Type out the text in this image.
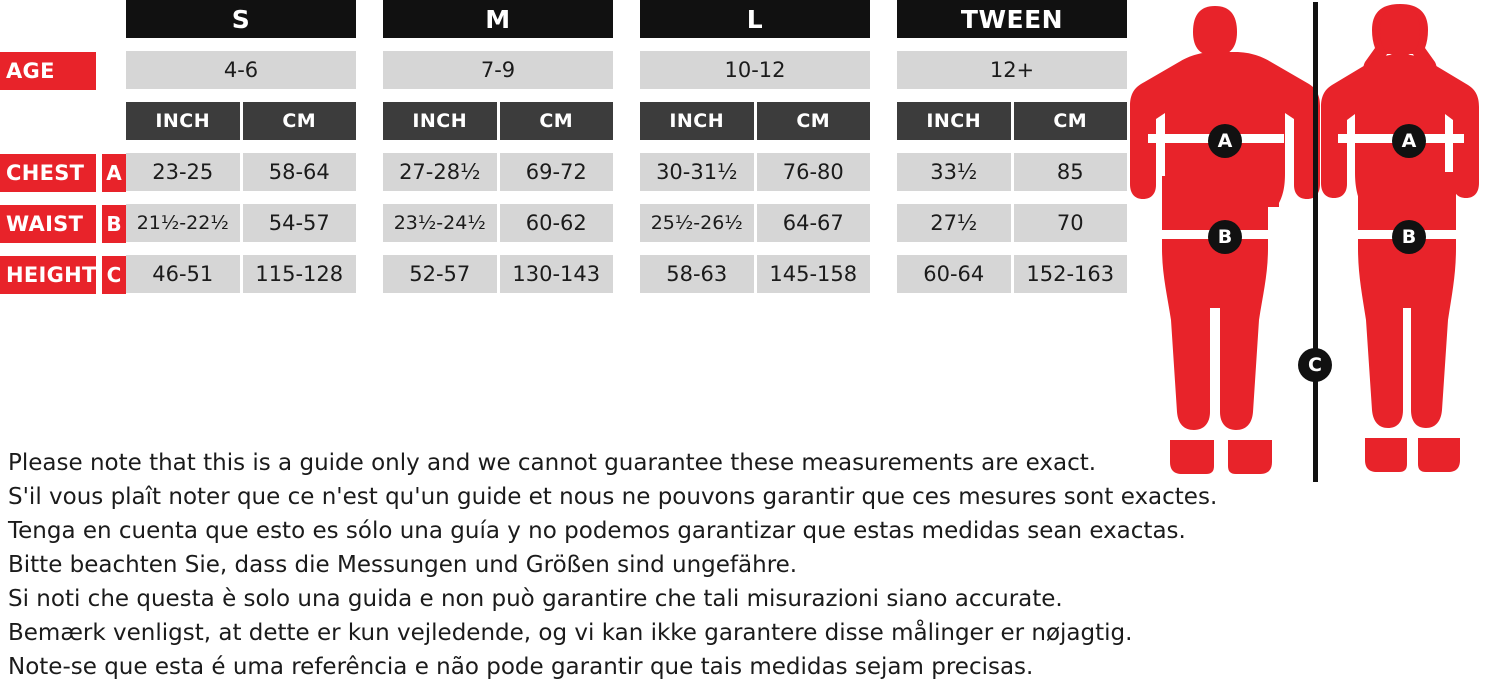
S	M	L	TWEEN
AGE	4-6	7-9	10-12	12+
INCH	CM	INCH	CM	INCH	CM	INCH	CM
CHEST	A	23-25	58-64	27-28½	69-72	30-31½	76-80	33½	85
WAIST	B 21½-22½	54-57	23½-24½	60-62	25½-26½	64-67	27½	70
HEIGHT C	46-51	115-128	52-57	130-143	58-63	145-158	60-64	152-163
A
B
A
B
C

Please note that this is a guide only and we cannot guarantee these measurements are exact.

S'il vous plaît noter que ce n'est qu'un guide et nous ne pouvons garantir que ces mesures sont exactes.

Tenga en cuenta que esto es sólo una guía y no podemos garantizar que estas medidas sean exactas.

Bitte beachten Sie, dass die Messungen und Größen sind ungefähre.

Si noti che questa è solo una guida e non può garantire che tali misurazioni siano accurate.

Bemærk venligst, at dette er kun vejledende, og vi kan ikke garantere disse målinger er nøjagtig.

Note-se que esta é uma referência e não pode garantir que tais medidas sejam precisas.
